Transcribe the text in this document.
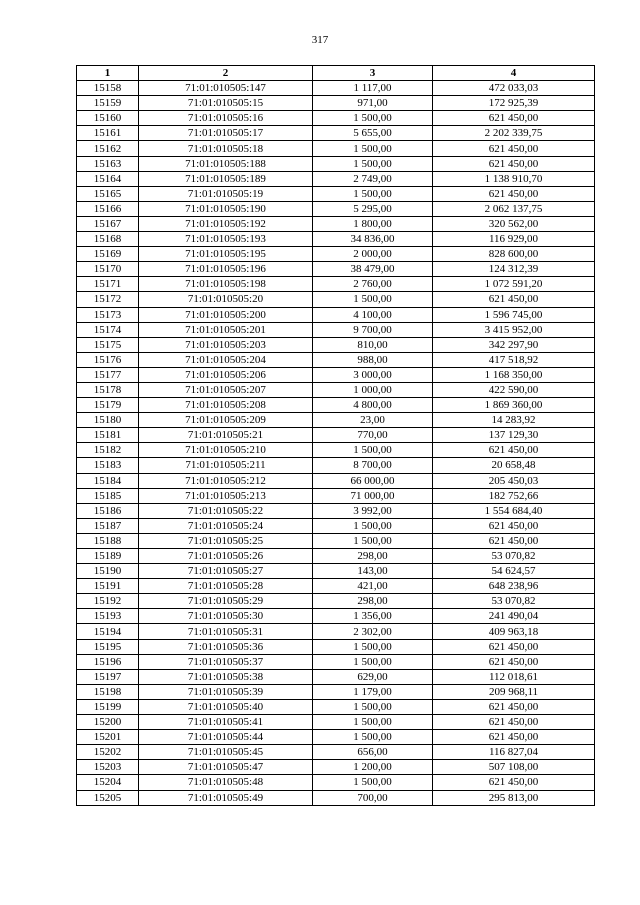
317
1	2	3	4
15158	71:01:010505:147	1 117,00	472 033,03
15159	71:01:010505:15	971,00	172 925,39
15160	71:01:010505:16	1 500,00	621 450,00
15161	71:01:010505:17	5 655,00	2 202 339,75
15162	71:01:010505:18	1 500,00	621 450,00
15163	71:01:010505:188	1 500,00	621 450,00
15164	71:01:010505:189	2 749,00	1 138 910,70
15165	71:01:010505:19	1 500,00	621 450,00
15166	71:01:010505:190	5 295,00	2 062 137,75
15167	71:01:010505:192	1 800,00	320 562,00
15168	71:01:010505:193	34 836,00	116 929,00
15169	71:01:010505:195	2 000,00	828 600,00
15170	71:01:010505:196	38 479,00	124 312,39
15171	71:01:010505:198	2 760,00	1 072 591,20
15172	71:01:010505:20	1 500,00	621 450,00
15173	71:01:010505:200	4 100,00	1 596 745,00
15174	71:01:010505:201	9 700,00	3 415 952,00
15175	71:01:010505:203	810,00	342 297,90
15176	71:01:010505:204	988,00	417 518,92
15177	71:01:010505:206	3 000,00	1 168 350,00
15178	71:01:010505:207	1 000,00	422 590,00
15179	71:01:010505:208	4 800,00	1 869 360,00
15180	71:01:010505:209	23,00	14 283,92
15181	71:01:010505:21	770,00	137 129,30
15182	71:01:010505:210	1 500,00	621 450,00
15183	71:01:010505:211	8 700,00	20 658,48
15184	71:01:010505:212	66 000,00	205 450,03
15185	71:01:010505:213	71 000,00	182 752,66
15186	71:01:010505:22	3 992,00	1 554 684,40
15187	71:01:010505:24	1 500,00	621 450,00
15188	71:01:010505:25	1 500,00	621 450,00
15189	71:01:010505:26	298,00	53 070,82
15190	71:01:010505:27	143,00	54 624,57
15191	71:01:010505:28	421,00	648 238,96
15192	71:01:010505:29	298,00	53 070,82
15193	71:01:010505:30	1 356,00	241 490,04
15194	71:01:010505:31	2 302,00	409 963,18
15195	71:01:010505:36	1 500,00	621 450,00
15196	71:01:010505:37	1 500,00	621 450,00
15197	71:01:010505:38	629,00	112 018,61
15198	71:01:010505:39	1 179,00	209 968,11
15199	71:01:010505:40	1 500,00	621 450,00
15200	71:01:010505:41	1 500,00	621 450,00
15201	71:01:010505:44	1 500,00	621 450,00
15202	71:01:010505:45	656,00	116 827,04
15203	71:01:010505:47	1 200,00	507 108,00
15204	71:01:010505:48	1 500,00	621 450,00
15205	71:01:010505:49	700,00	295 813,00
